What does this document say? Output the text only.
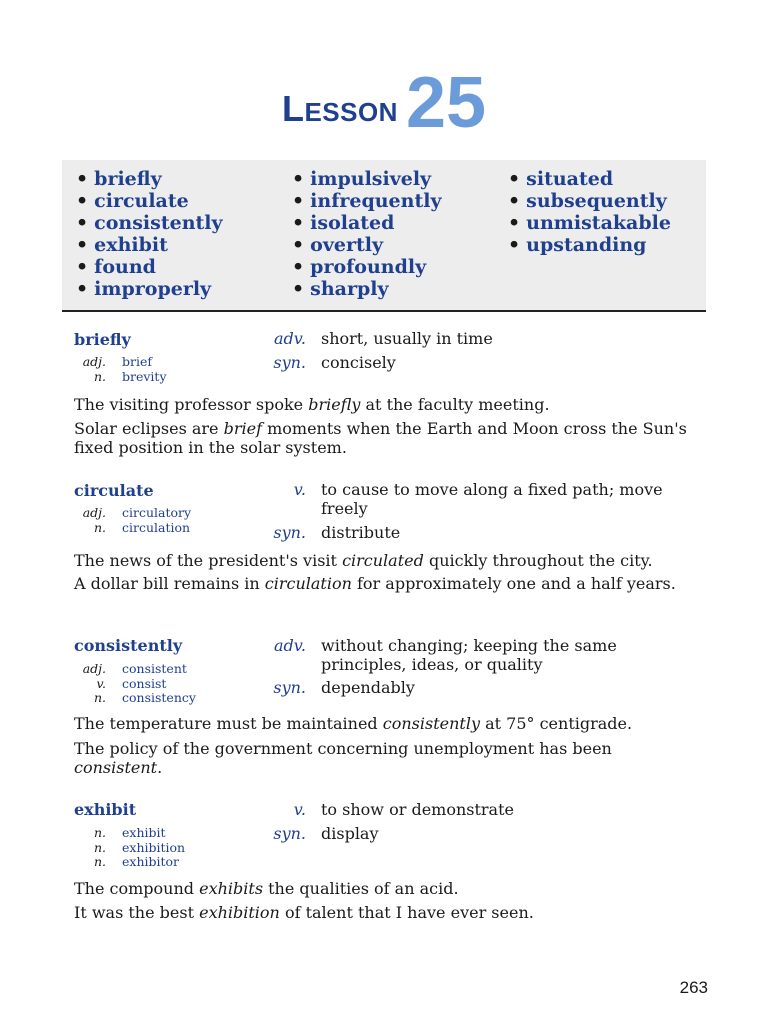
LESSON 25
• briefly
• circulate
• consistently
• exhibit
• found
• improperly
• impulsively
• infrequently
• isolated
• overtly
• profoundly
• sharply
• situated
• subsequently
• unmistakable
• upstanding
briefly
adj. brief
n. brevity
adv. short, usually in time
syn. concisely
The visiting professor spoke briefly at the faculty meeting.
Solar eclipses are brief moments when the Earth and Moon cross the Sun's fixed position in the solar system.
circulate
adj. circulatory
n. circulation
v. to cause to move along a fixed path; move freely
syn. distribute
The news of the president's visit circulated quickly throughout the city.
A dollar bill remains in circulation for approximately one and a half years.
consistently
adj. consistent
v. consist
n. consistency
adv. without changing; keeping the same principles, ideas, or quality
syn. dependably
The temperature must be maintained consistently at 75° centigrade.
The policy of the government concerning unemployment has been consistent.
exhibit
n. exhibit
n. exhibition
n. exhibitor
v. to show or demonstrate
syn. display
The compound exhibits the qualities of an acid.
It was the best exhibition of talent that I have ever seen.
263
